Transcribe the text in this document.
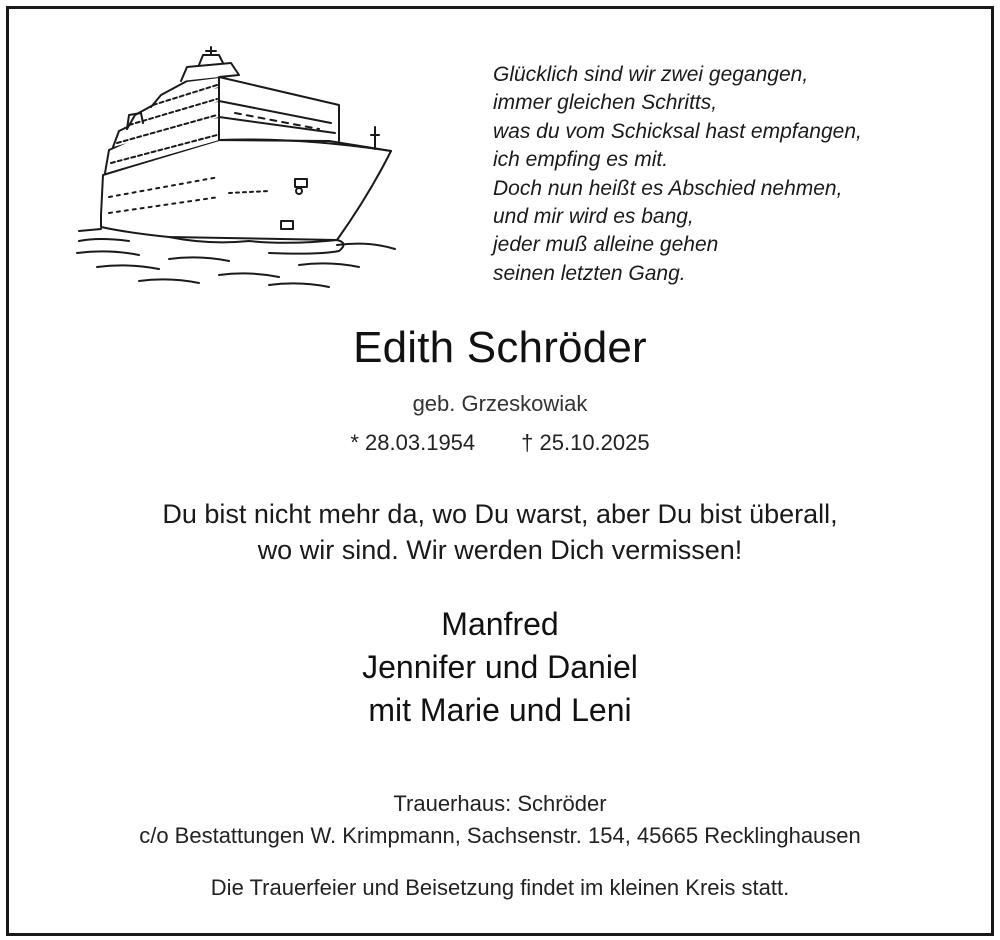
Glücklich sind wir zwei gegangen,
immer gleichen Schritts,
was du vom Schicksal hast empfangen,
ich empfing es mit.
Doch nun heißt es Abschied nehmen,
und mir wird es bang,
jeder muß alleine gehen
seinen letzten Gang.
Edith Schröder
geb. Grzeskowiak
* 28.03.1954 † 25.10.2025
Du bist nicht mehr da, wo Du warst, aber Du bist überall,
wo wir sind. Wir werden Dich vermissen!
Manfred
Jennifer und Daniel
mit Marie und Leni
Trauerhaus: Schröder
c/o Bestattungen W. Krimpmann, Sachsenstr. 154, 45665 Recklinghausen
Die Trauerfeier und Beisetzung findet im kleinen Kreis statt.
